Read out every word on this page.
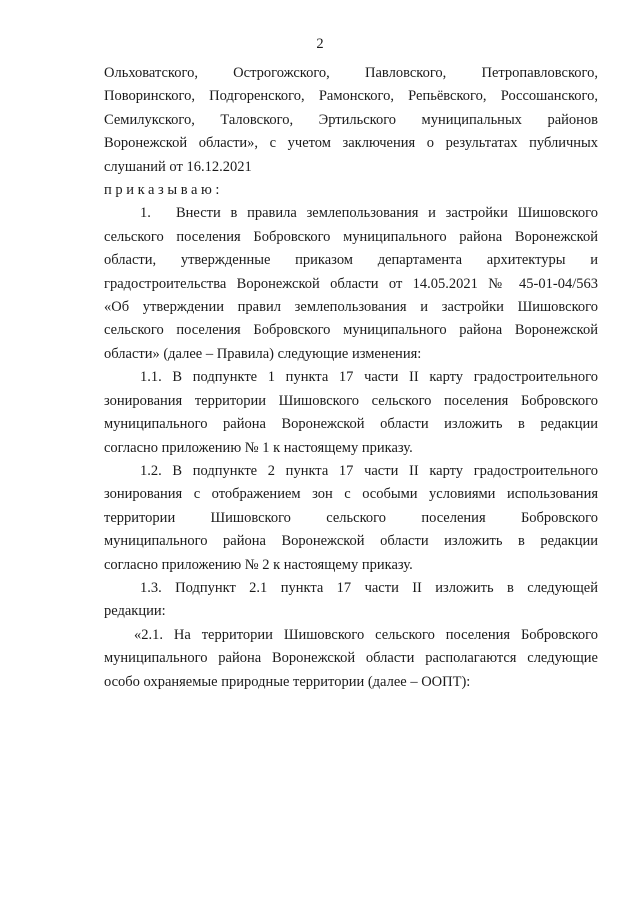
2
Ольховатского, Острогожского, Павловского, Петропавловского,
Поворинского, Подгоренского, Рамонского, Репьёвского, Россошанского,
Семилукского, Таловского, Эртильского муниципальных районов
Воронежской области», с учетом заключения о результатах публичных
слушаний от 16.12.2021
приказываю:
1. Внести в правила землепользования и застройки Шишовского
сельского поселения Бобровского муниципального района Воронежской
области, утвержденные приказом департамента архитектуры и
градостроительства Воронежской области от 14.05.2021 № 45-01-04/563
«Об утверждении правил землепользования и застройки Шишовского
сельского поселения Бобровского муниципального района Воронежской
области» (далее – Правила) следующие изменения:
1.1. В подпункте 1 пункта 17 части II карту градостроительного
зонирования территории Шишовского сельского поселения Бобровского
муниципального района Воронежской области изложить в редакции
согласно приложению № 1 к настоящему приказу.
1.2. В подпункте 2 пункта 17 части II карту градостроительного
зонирования с отображением зон с особыми условиями использования
территории Шишовского сельского поселения Бобровского
муниципального района Воронежской области изложить в редакции
согласно приложению № 2 к настоящему приказу.
1.3. Подпункт 2.1 пункта 17 части II изложить в следующей
редакции:
«2.1. На территории Шишовского сельского поселения Бобровского
муниципального района Воронежской области располагаются следующие
особо охраняемые природные территории (далее – ООПТ):
